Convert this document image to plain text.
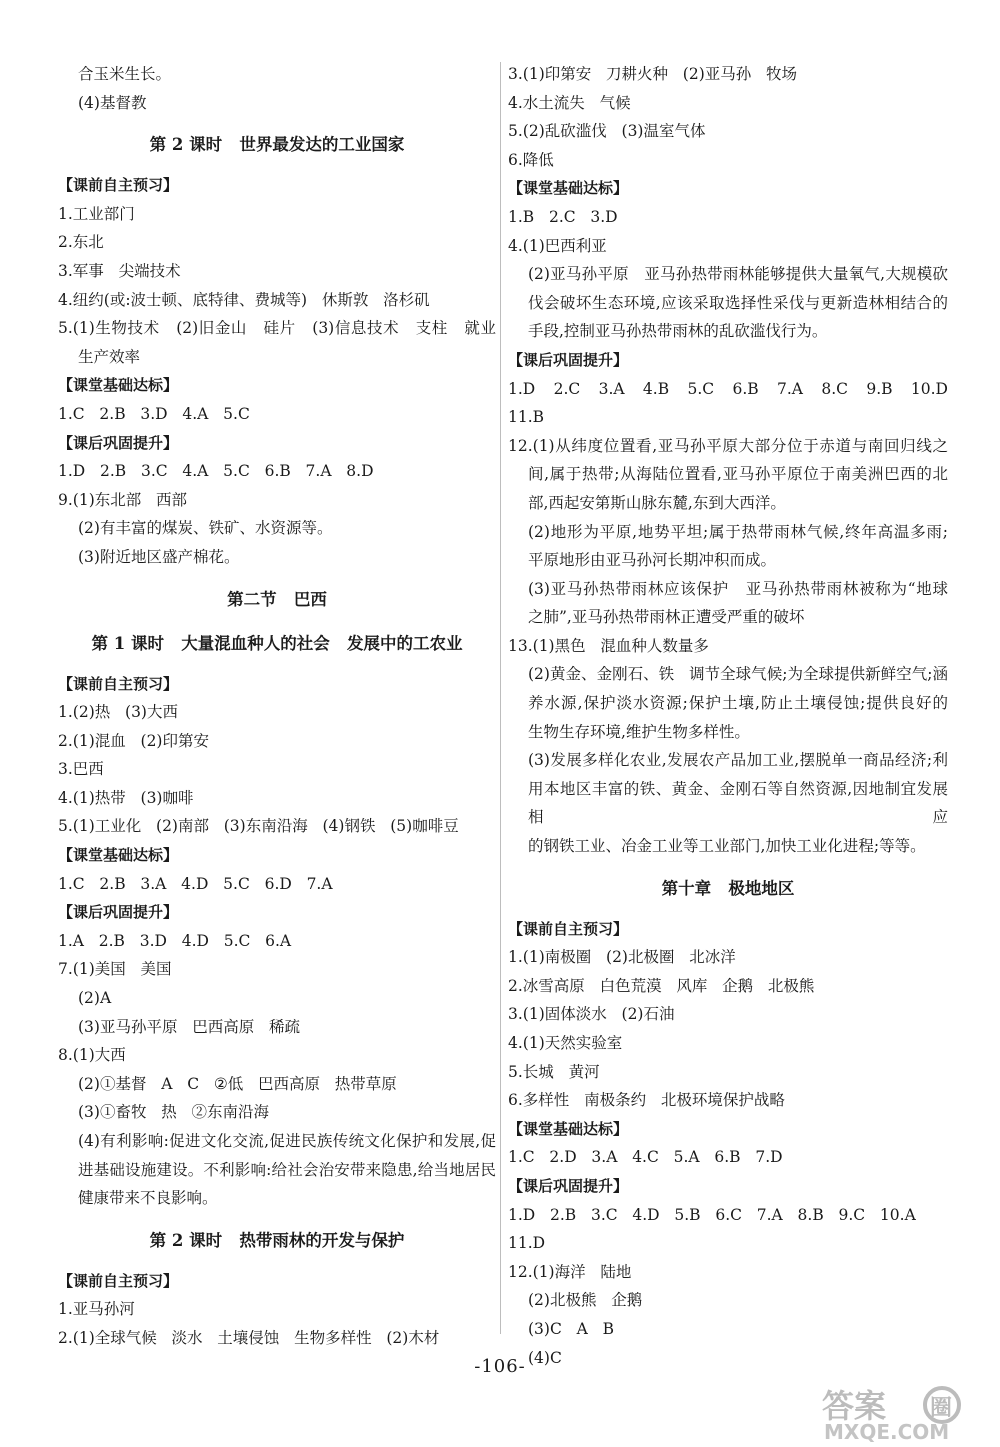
合玉米生长。
(4)基督教
第 2 课时   世界最发达的工业国家
【课前自主预习】
1.工业部门
2.东北
3.军事   尖端技术
4.纽约(或:波士顿、底特律、费城等)   休斯敦   洛杉矶
5.(1)生物技术   (2)旧金山   硅片   (3)信息技术   支柱   就业
生产效率
【课堂基础达标】
1.C   2.B   3.D   4.A   5.C
【课后巩固提升】
1.D   2.B   3.C   4.A   5.C   6.B   7.A   8.D
9.(1)东北部   西部
(2)有丰富的煤炭、铁矿、水资源等。
(3)附近地区盛产棉花。
第二节   巴西
第 1 课时   大量混血种人的社会   发展中的工农业
【课前自主预习】
1.(2)热   (3)大西
2.(1)混血   (2)印第安
3.巴西
4.(1)热带   (3)咖啡
5.(1)工业化   (2)南部   (3)东南沿海   (4)钢铁   (5)咖啡豆
【课堂基础达标】
1.C   2.B   3.A   4.D   5.C   6.D   7.A
【课后巩固提升】
1.A   2.B   3.D   4.D   5.C   6.A
7.(1)美国   美国
(2)A
(3)亚马孙平原   巴西高原   稀疏
8.(1)大西
(2)①基督   A   C   ②低   巴西高原   热带草原
(3)①畜牧   热   ②东南沿海
(4)有利影响:促进文化交流,促进民族传统文化保护和发展,促
进基础设施建设。不利影响:给社会治安带来隐患,给当地居民
健康带来不良影响。
第 2 课时   热带雨林的开发与保护
【课前自主预习】
1.亚马孙河
2.(1)全球气候   淡水   土壤侵蚀   生物多样性   (2)木材
3.(1)印第安   刀耕火种   (2)亚马孙   牧场
4.水土流失   气候
5.(2)乱砍滥伐   (3)温室气体
6.降低
【课堂基础达标】
1.B   2.C   3.D
4.(1)巴西利亚
(2)亚马孙平原   亚马孙热带雨林能够提供大量氧气,大规模砍
伐会破坏生态环境,应该采取选择性采伐与更新造林相结合的
手段,控制亚马孙热带雨林的乱砍滥伐行为。
【课后巩固提升】
1.D   2.C   3.A   4.B   5.C   6.B   7.A   8.C   9.B   10.D
11.B
12.(1)从纬度位置看,亚马孙平原大部分位于赤道与南回归线之
间,属于热带;从海陆位置看,亚马孙平原位于南美洲巴西的北
部,西起安第斯山脉东麓,东到大西洋。
(2)地形为平原,地势平坦;属于热带雨林气候,终年高温多雨;
平原地形由亚马孙河长期冲积而成。
(3)亚马孙热带雨林应该保护   亚马孙热带雨林被称为“地球
之肺”,亚马孙热带雨林正遭受严重的破坏
13.(1)黑色   混血种人数量多
(2)黄金、金刚石、铁   调节全球气候;为全球提供新鲜空气;涵
养水源,保护淡水资源;保护土壤,防止土壤侵蚀;提供良好的
生物生存环境,维护生物多样性。
(3)发展多样化农业,发展农产品加工业,摆脱单一商品经济;利
用本地区丰富的铁、黄金、金刚石等自然资源,因地制宜发展相应
的钢铁工业、冶金工业等工业部门,加快工业化进程;等等。
第十章   极地地区
【课前自主预习】
1.(1)南极圈   (2)北极圈   北冰洋
2.冰雪高原   白色荒漠   风库   企鹅   北极熊
3.(1)固体淡水   (2)石油
4.(1)天然实验室
5.长城   黄河
6.多样性   南极条约   北极环境保护战略
【课堂基础达标】
1.C   2.D   3.A   4.C   5.A   6.B   7.D
【课后巩固提升】
1.D   2.B   3.C   4.D   5.B   6.C   7.A   8.B   9.C   10.A
11.D
12.(1)海洋   陆地
(2)北极熊   企鹅
(3)C   A   B
(4)C
-106-
答案 圈
MXQE.COM
